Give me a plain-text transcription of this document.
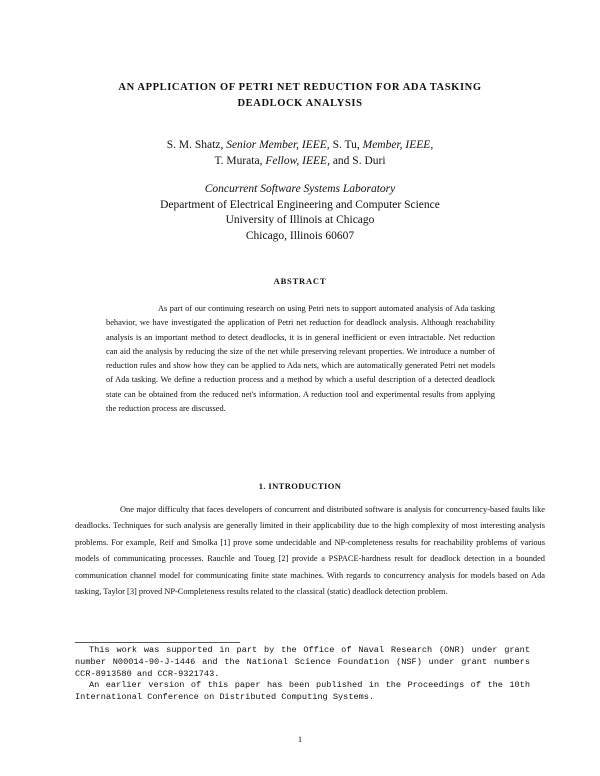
AN APPLICATION OF PETRI NET REDUCTION FOR ADA TASKING
DEADLOCK ANALYSIS
S. M. Shatz, Senior Member, IEEE, S. Tu, Member, IEEE,
T. Murata, Fellow, IEEE, and S. Duri
Concurrent Software Systems Laboratory
Department of Electrical Engineering and Computer Science
University of Illinois at Chicago
Chicago, Illinois 60607
ABSTRACT
As part of our continuing research on using Petri nets to support automated analysis of Ada tasking behavior, we have investigated the application of Petri net reduction for deadlock analysis. Although reachability analysis is an important method to detect deadlocks, it is in general inefficient or even intractable. Net reduction can aid the analysis by reducing the size of the net while preserving relevant properties. We introduce a number of reduction rules and show how they can be applied to Ada nets, which are automatically generated Petri net models of Ada tasking. We define a reduction process and a method by which a useful description of a detected deadlock state can be obtained from the reduced net's information. A reduction tool and experimental results from applying the reduction process are discussed.
1. INTRODUCTION
One major difficulty that faces developers of concurrent and distributed software is analysis for concurrency-based faults like deadlocks. Techniques for such analysis are generally limited in their applicability due to the high complexity of most interesting analysis problems. For example, Reif and Smolka [1] prove some undecidable and NP-completeness results for reachability problems of various models of communicating processes. Rauchle and Toueg [2] provide a PSPACE-hardness result for deadlock detection in a bounded communication channel model for communicating finite state machines. With regards to concurrency analysis for models based on Ada tasking, Taylor [3] proved NP-Completeness results related to the classical (static) deadlock detection problem.

This work was supported in part by the Office of Naval Research (ONR) under grant number N00014-90-J-1446 and the National Science Foundation (NSF) under grant numbers CCR-8913580 and CCR-9321743.

An earlier version of this paper has been published in the Proceedings of the 10th International Conference on Distributed Computing Systems.

1
